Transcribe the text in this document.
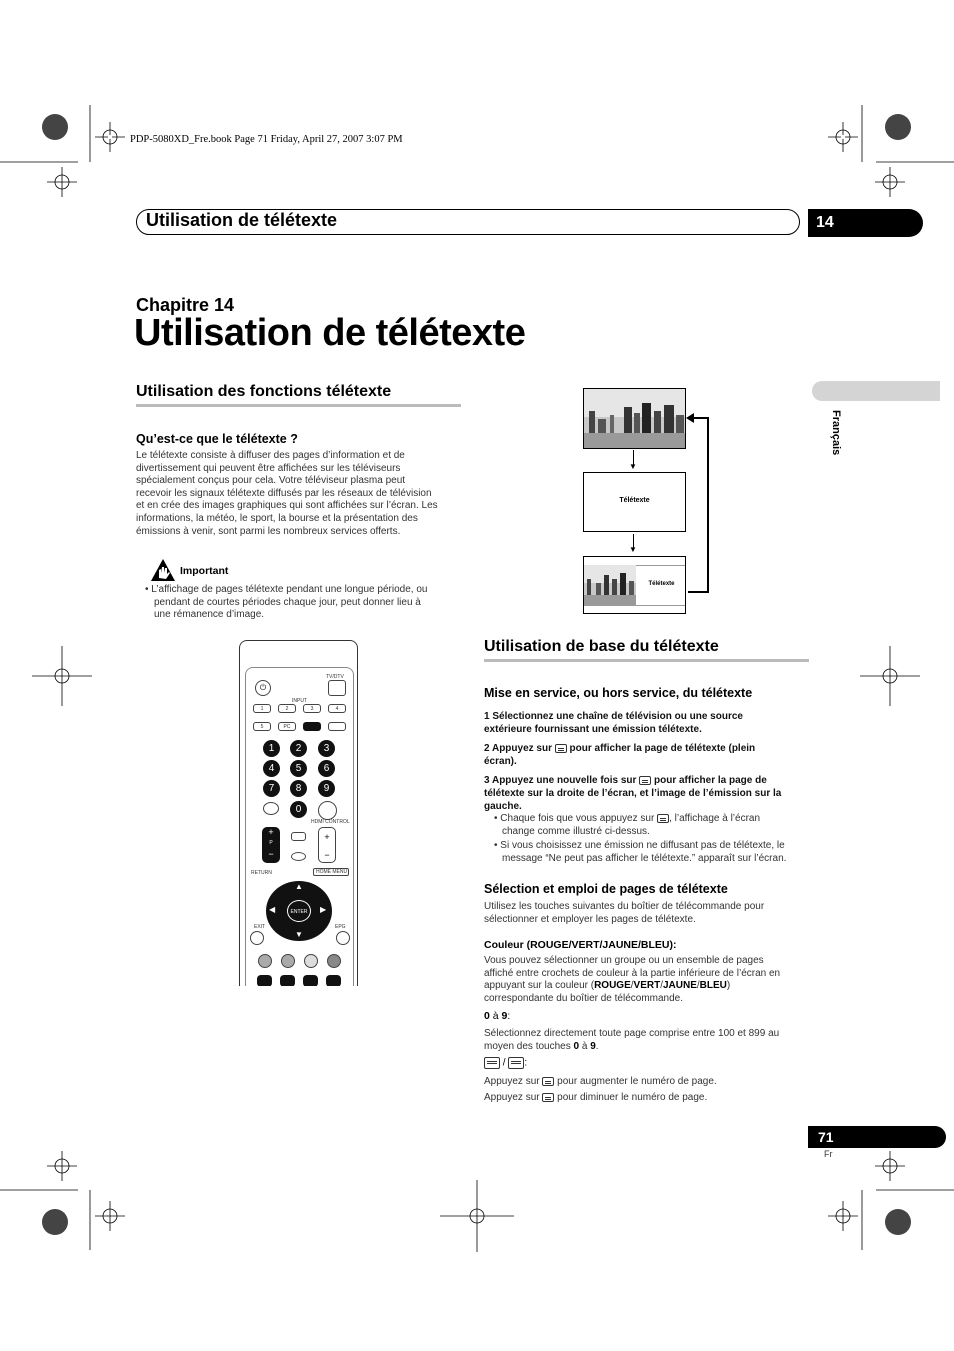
PDP-5080XD_Fre.book Page 71 Friday, April 27, 2007 3:07 PM
Utilisation de télétexte	14
Chapitre 14
Utilisation de télétexte
Français
Utilisation des fonctions télétexte
Qu’est-ce que le télétexte ?
Le télétexte consiste à diffuser des pages d’information et de
divertissement qui peuvent être affichées sur les téléviseurs
spécialement conçus pour cela. Votre téléviseur plasma peut
recevoir les signaux télétexte diffusés par les réseaux de télévision
et en crée des images graphiques qui sont affichées sur l’écran. Les
informations, la météo, le sport, la bourse et la présentation des
émissions à venir, sont parmi les nombreux services offerts.
Important
• L’affichage de pages télétexte pendant une longue période, ou
pendant de courtes périodes chaque jour, peut donner lieu à
une rémanence d’image.
TV/DTV
⏻
INPUT
1	2	3	4
5	PC
1	2	3
4	5	6
7	8	9
0
HDMI CONTROL
+
P
−
+
−
RETURN	HOME MENU
ENTER
▲
▼
◀	▶
EXIT	EPG
▼
Télétexte
▼
Télétexte
Utilisation de base du télétexte
Mise en service, ou hors service, du télétexte
1 Sélectionnez une chaîne de télévision ou une source
extérieure fournissant une émission télétexte.
2 Appuyez sur pour afficher la page de télétexte (plein
écran).
3 Appuyez une nouvelle fois sur pour afficher la page de
télétexte sur la droite de l’écran, et l’image de l’émission sur la
gauche.
• Chaque fois que vous appuyez sur , l’affichage à l’écran
change comme illustré ci-dessus.
• Si vous choisissez une émission ne diffusant pas de télétexte, le
message “Ne peut pas afficher le télétexte.” apparaît sur l’écran.
Sélection et emploi de pages de télétexte
Utilisez les touches suivantes du boîtier de télécommande pour
sélectionner et employer les pages de télétexte.
Couleur (ROUGE/VERT/JAUNE/BLEU):
Vous pouvez sélectionner un groupe ou un ensemble de pages
affiché entre crochets de couleur à la partie inférieure de l’écran en
appuyant sur la couleur (ROUGE/VERT/JAUNE/BLEU)
correspondante du boîtier de télécommande.
0 à 9:
Sélectionnez directement toute page comprise entre 100 et 899 au
moyen des touches 0 à 9.
/ :
Appuyez sur pour augmenter le numéro de page.
Appuyez sur pour diminuer le numéro de page.
71
Fr
